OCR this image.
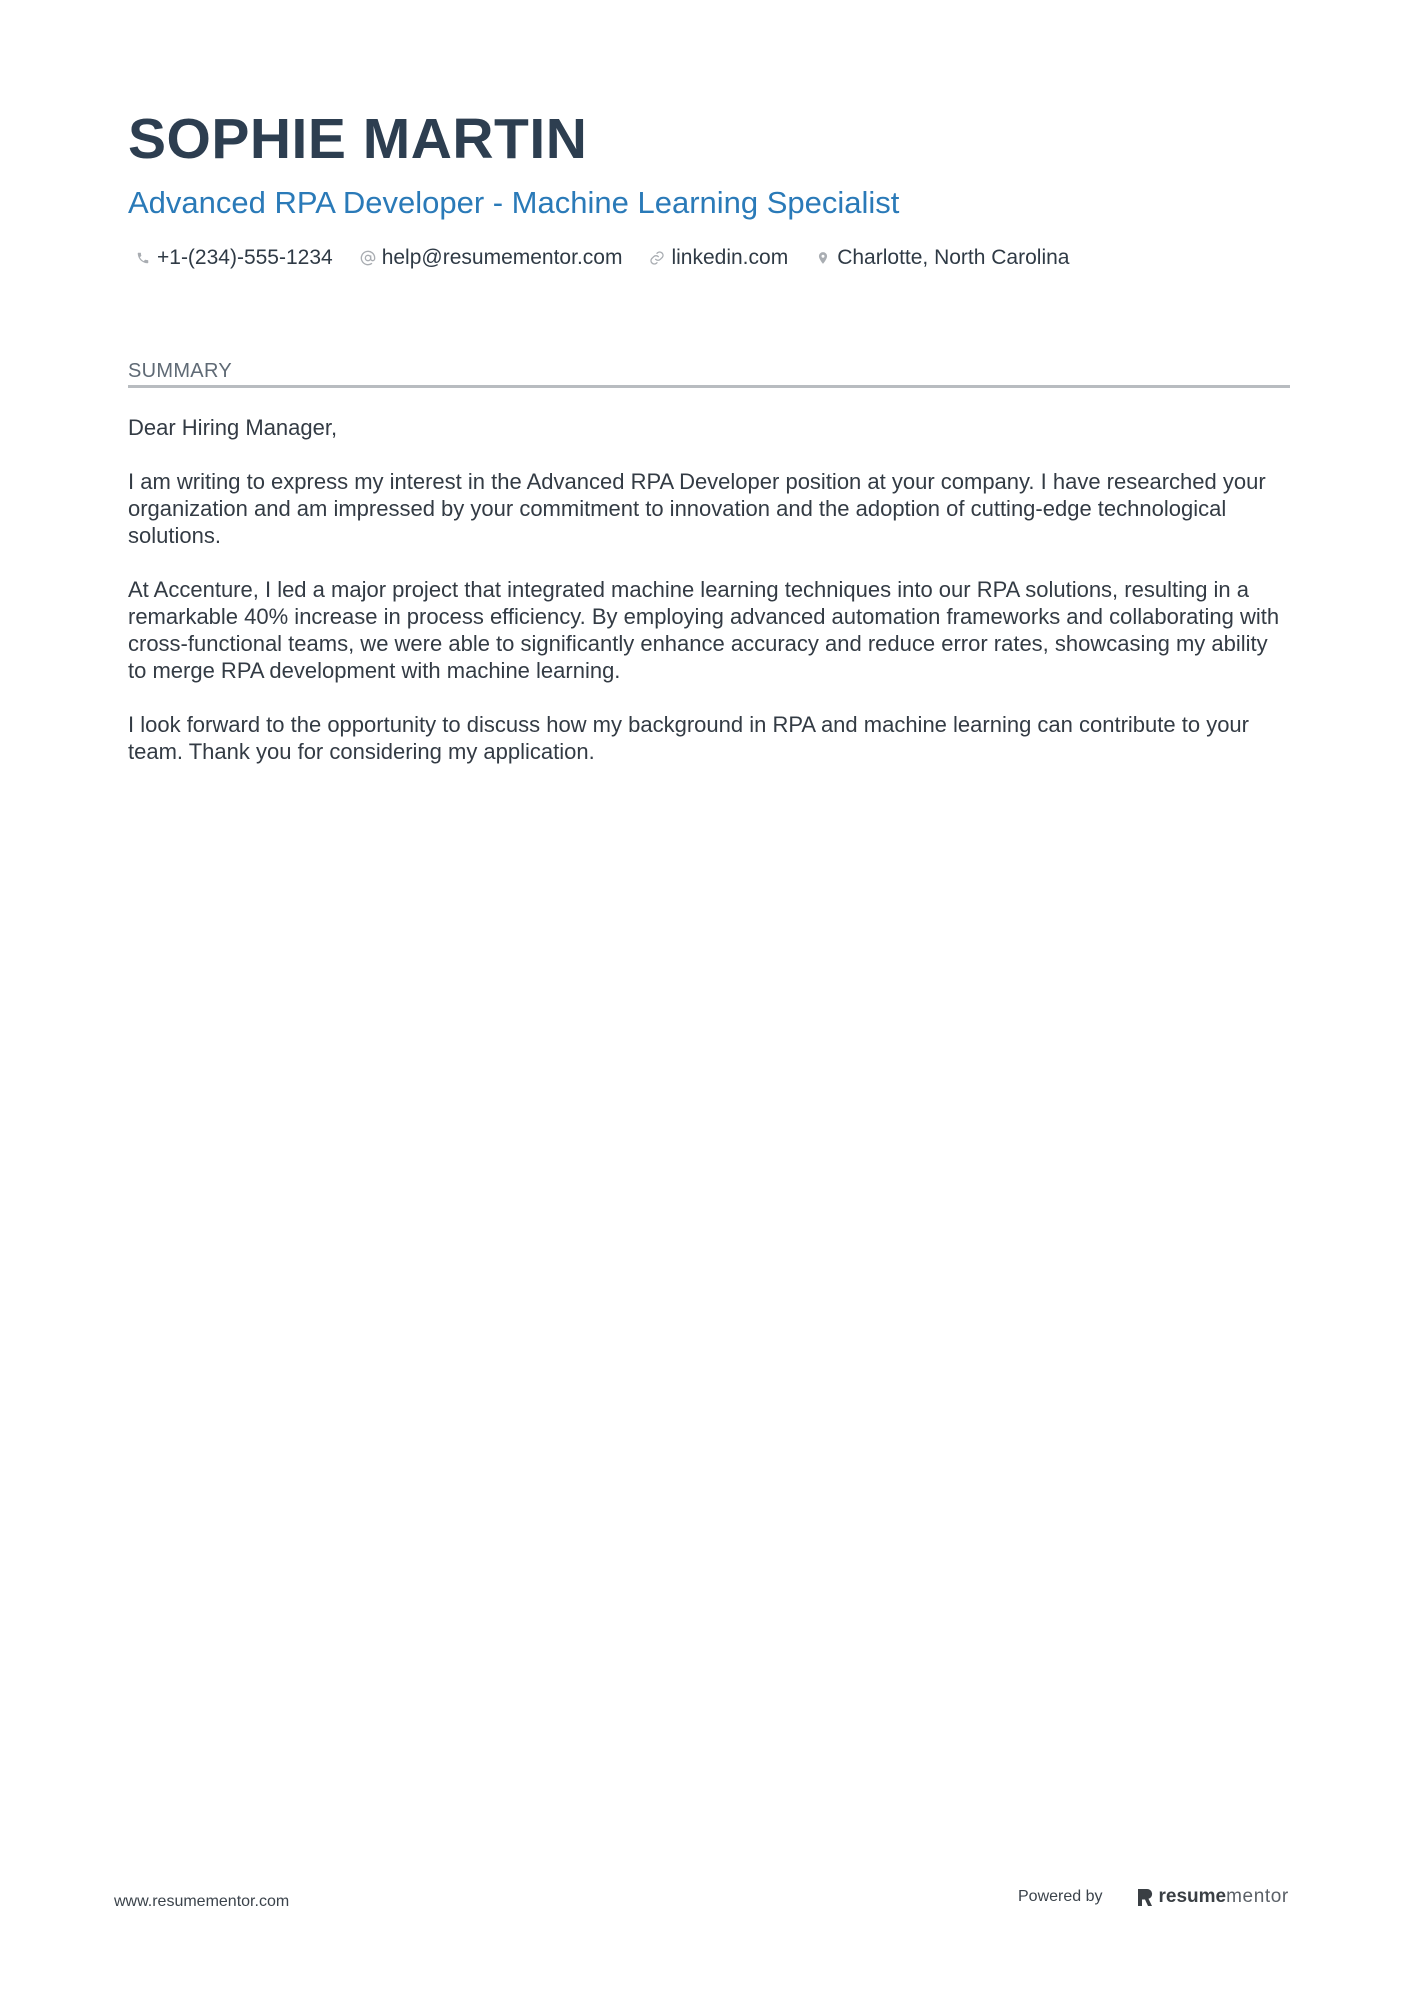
SOPHIE MARTIN
Advanced RPA Developer - Machine Learning Specialist
+1-(234)-555-1234 help@resumementor.com linkedin.com Charlotte, North Carolina
SUMMARY

Dear Hiring Manager,

I am writing to express my interest in the Advanced RPA Developer position at your company. I have researched your organization and am impressed by your commitment to innovation and the adoption of cutting-edge technological solutions.

At Accenture, I led a major project that integrated machine learning techniques into our RPA solutions, resulting in a remarkable 40% increase in process efficiency. By employing advanced automation frameworks and collaborating with cross-functional teams, we were able to significantly enhance accuracy and reduce error rates, showcasing my ability to merge RPA development with machine learning.

I look forward to the opportunity to discuss how my background in RPA and machine learning can contribute to your team. Thank you for considering my application.

www.resumementor.com	Powered by	resume mentor
